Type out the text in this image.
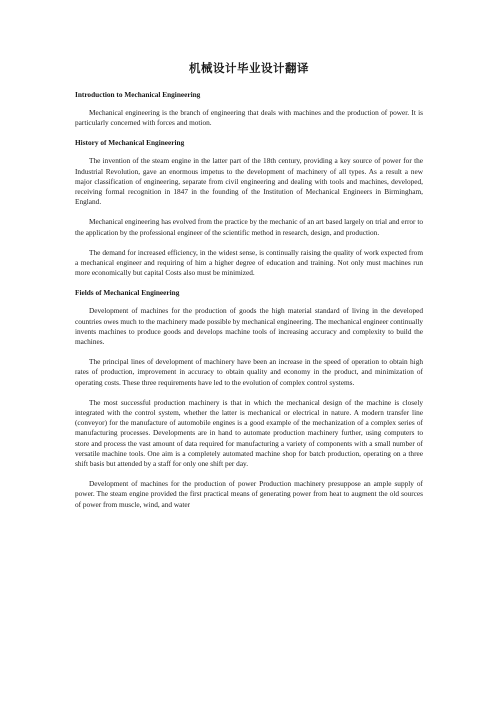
机械设计毕业设计翻译
Introduction to Mechanical Engineering

Mechanical engineering is the branch of engineering that deals with machines and the production of power. It is particularly concerned with forces and motion.

History of Mechanical Engineering

The invention of the steam engine in the latter part of the 18th century, providing a key source of power for the Industrial Revolution, gave an enormous impetus to the development of machinery of all types. As a result a new major classification of engineering, separate from civil engineering and dealing with tools and machines, developed, receiving formal recognition in 1847 in the founding of the Institution of Mechanical Engineers in Birmingham, England.

Mechanical engineering has evolved from the practice by the mechanic of an art based largely on trial and error to the application by the professional engineer of the scientific method in research, design, and production.

The demand for increased efficiency, in the widest sense, is continually raising the quality of work expected from a mechanical engineer and requiring of him a higher degree of education and training. Not only must machines run more economically but capital Costs also must be minimized.

Fields of Mechanical Engineering

Development of machines for the production of goods the high material standard of living in the developed countries owes much to the machinery made possible by mechanical engineering. The mechanical engineer continually invents machines to produce goods and develops machine tools of increasing accuracy and complexity to build the machines.

The principal lines of development of machinery have been an increase in the speed of operation to obtain high rates of production, improvement in accuracy to obtain quality and economy in the product, and minimization of operating costs. These three requirements have led to the evolution of complex control systems.

The most successful production machinery is that in which the mechanical design of the machine is closely integrated with the control system, whether the latter is mechanical or electrical in nature. A modern transfer line (conveyor) for the manufacture of automobile engines is a good example of the mechanization of a complex series of manufacturing processes. Developments are in hand to automate production machinery further, using computers to store and process the vast amount of data required for manufacturing a variety of components with a small number of versatile machine tools. One aim is a completely automated machine shop for batch production, operating on a three shift basis but attended by a staff for only one shift per day.

Development of machines for the production of power Production machinery presuppose an ample supply of power. The steam engine provided the first practical means of generating power from heat to augment the old sources of power from muscle, wind, and water
